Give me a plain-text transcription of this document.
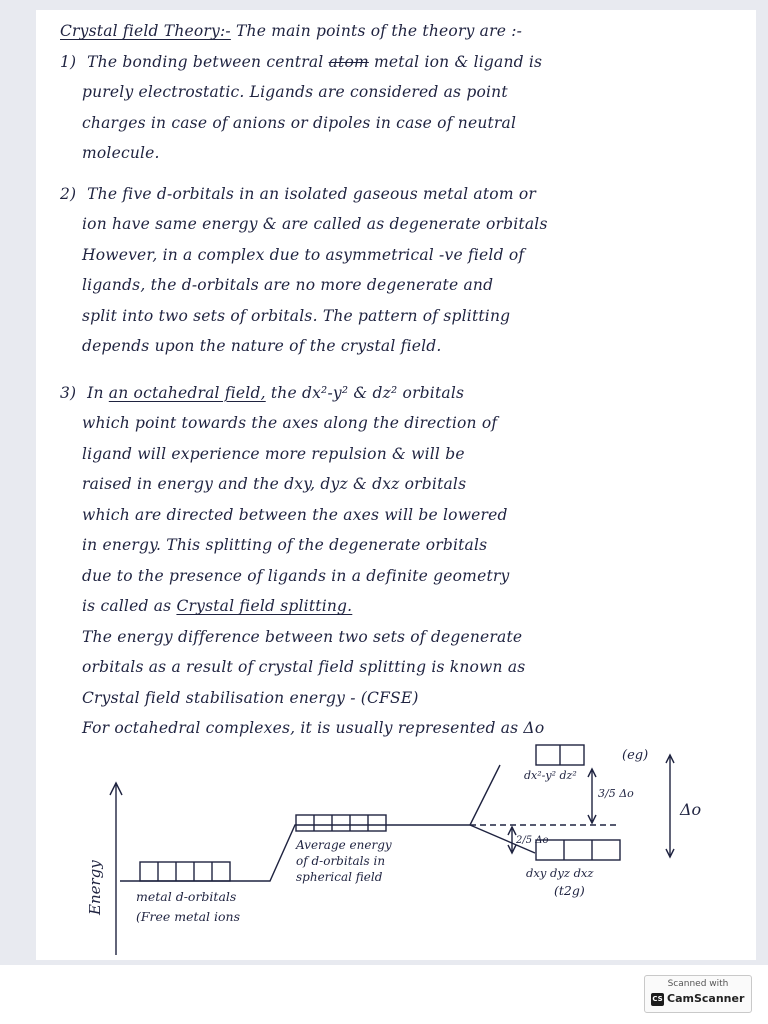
Crystal field Theory:- The main points of the theory are :-
1) The bonding between central atom metal ion & ligand is
purely electrostatic. Ligands are considered as point
charges in case of anions or dipoles in case of neutral
molecule.
2) The five d-orbitals in an isolated gaseous metal atom or
ion have same energy & are called as degenerate orbitals
However, in a complex due to asymmetrical -ve field of
ligands, the d-orbitals are no more degenerate and
split into two sets of orbitals. The pattern of splitting
depends upon the nature of the crystal field.
3) In an octahedral field, the dx²-y² & dz² orbitals
which point towards the axes along the direction of
ligand will experience more repulsion & will be
raised in energy and the dxy, dyz & dxz orbitals
which are directed between the axes will be lowered
in energy. This splitting of the degenerate orbitals
due to the presence of ligands in a definite geometry
is called as Crystal field splitting.
The energy difference between two sets of degenerate
orbitals as a result of crystal field splitting is known as
Crystal field stabilisation energy - (CFSE)
For octahedral complexes, it is usually represented as Δo
Energy	metal d-orbitals
(Free metal ions
Average energy
of d-orbitals in
spherical field
dx²-y² dz²
(eg)
3/5 Δo
2/5 Δo
dxy dyz dxz
(t2g)
Δo
Scanned with
CS CamScanner
